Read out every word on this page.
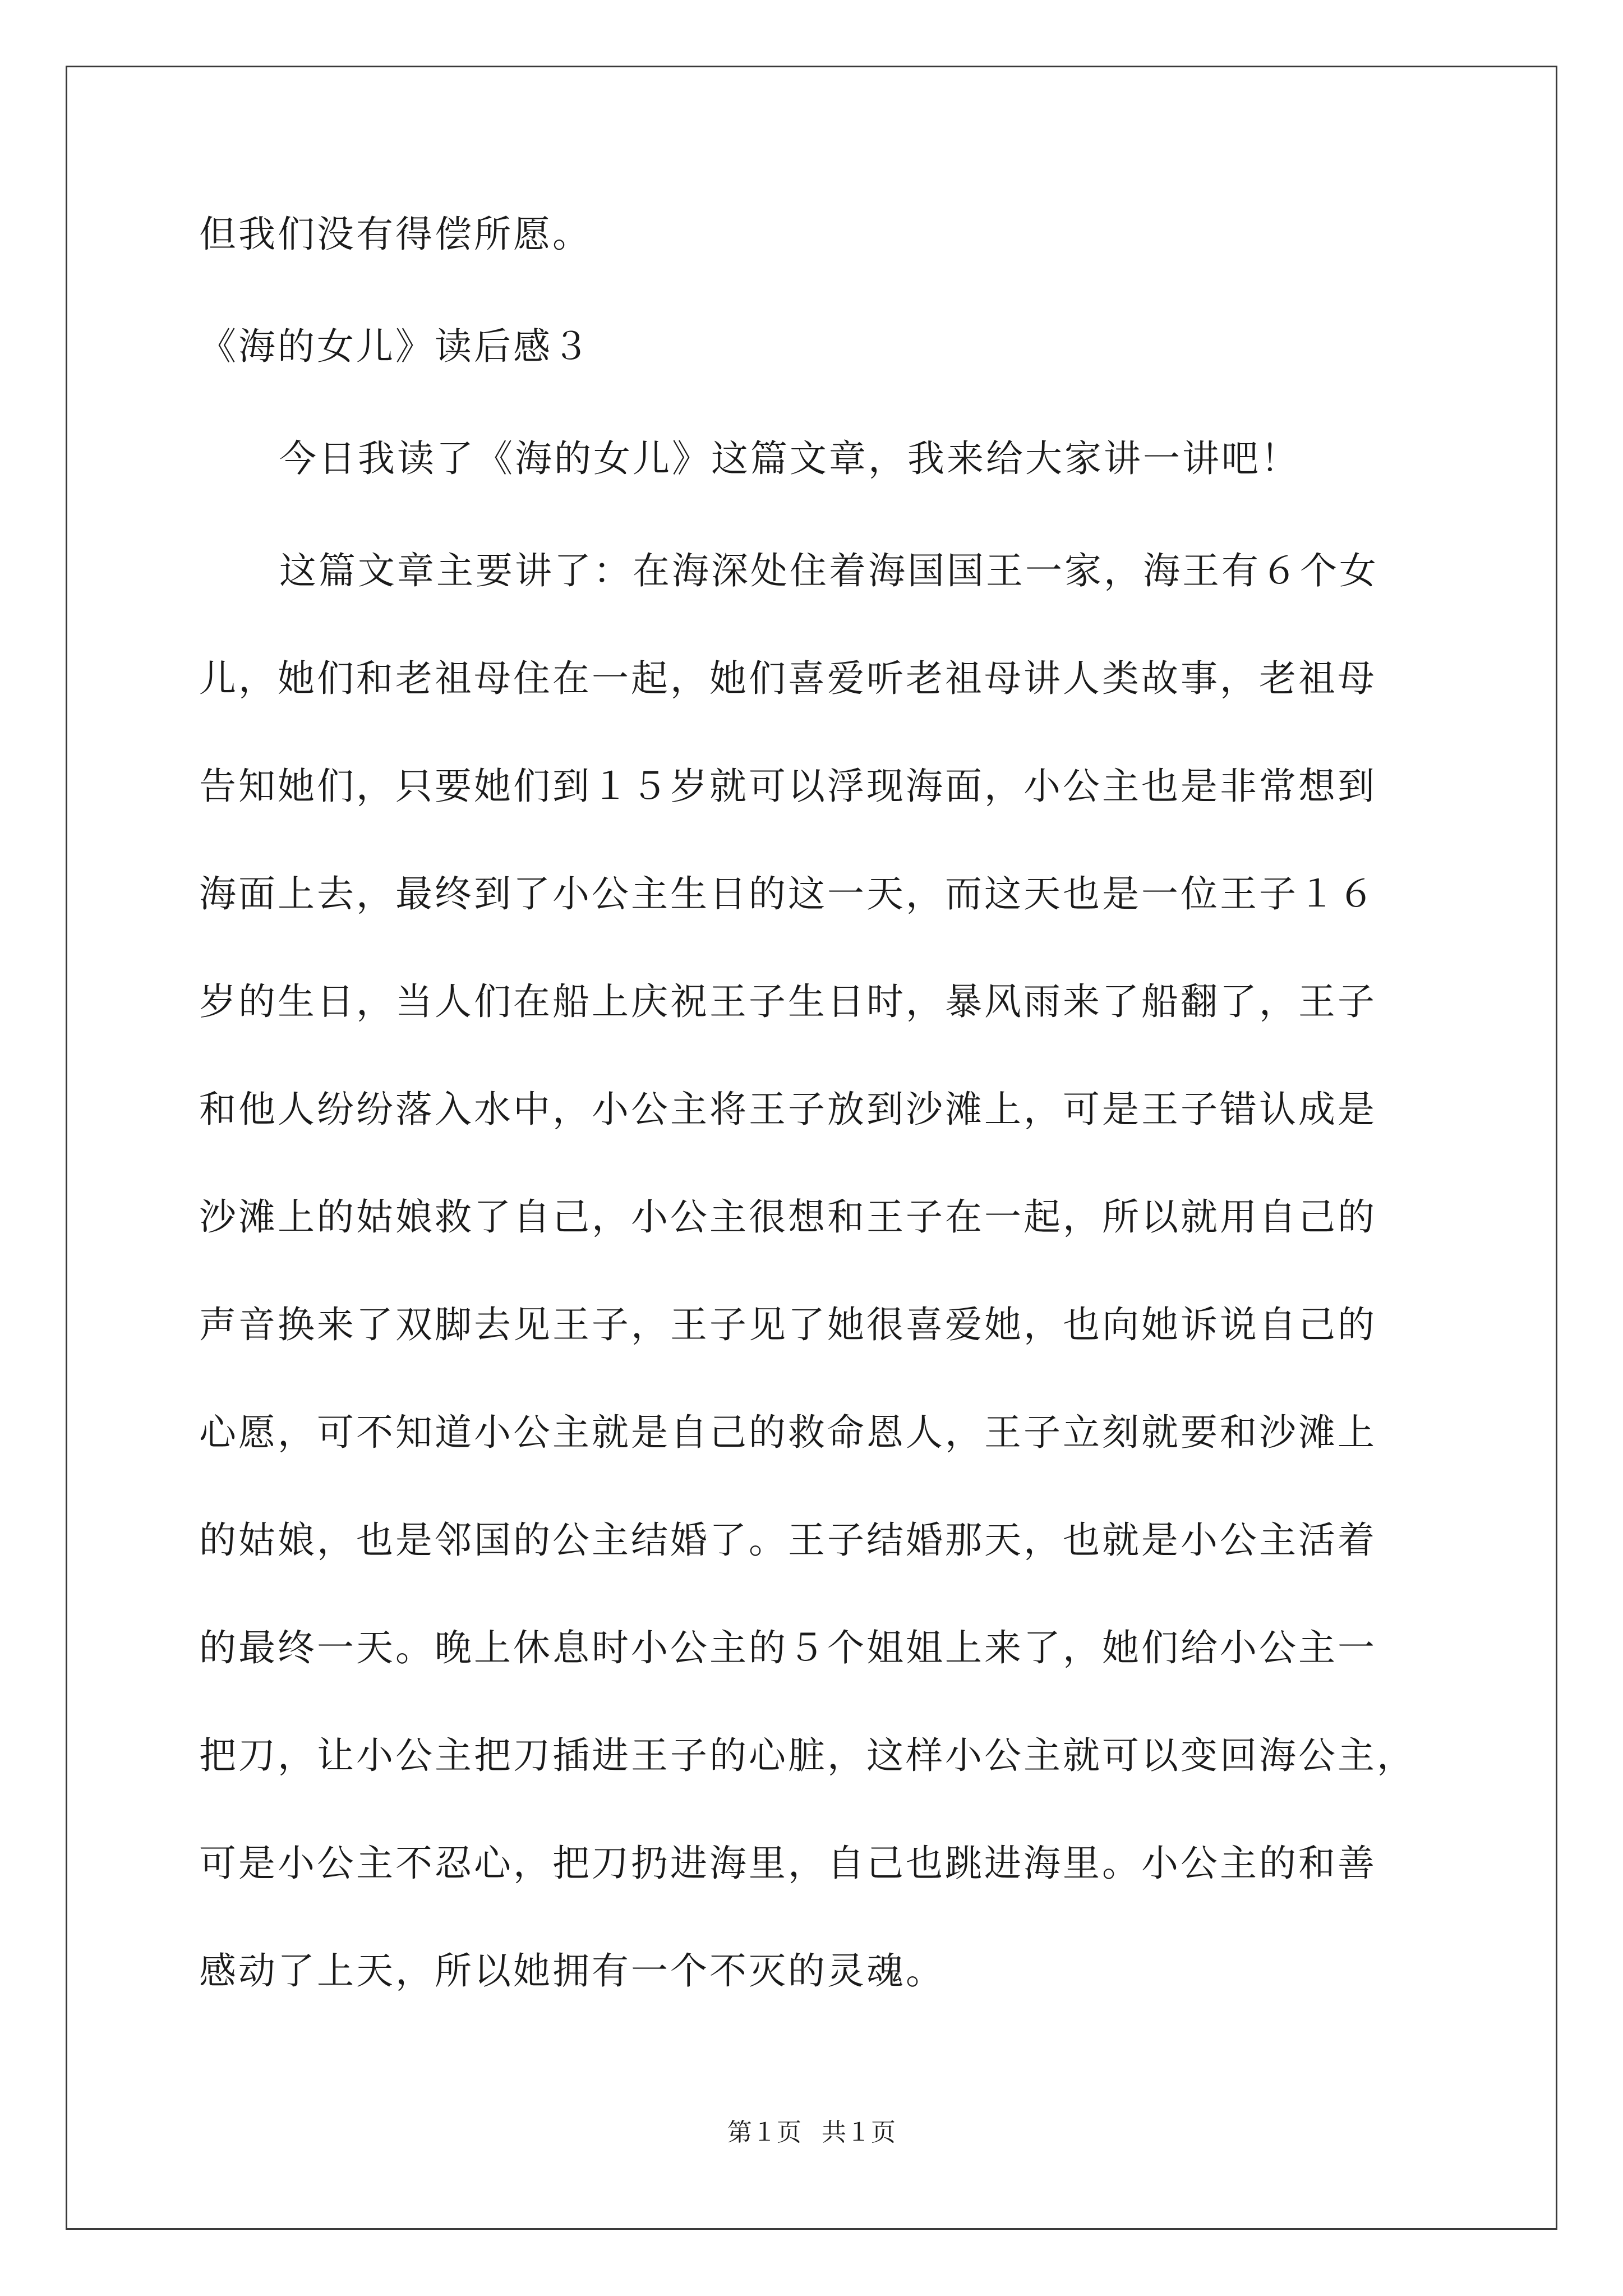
但我们没有得偿所愿。
《海的女儿》读后感３
今日我读了《海的女儿》这篇文章，我来给大家讲一讲吧！
这篇文章主要讲了：在海深处住着海国国王一家，海王有６个女
儿，她们和老祖母住在一起，她们喜爱听老祖母讲人类故事，老祖母
告知她们，只要她们到１５岁就可以浮现海面，小公主也是非常想到
海面上去，最终到了小公主生日的这一天，而这天也是一位王子１６
岁的生日，当人们在船上庆祝王子生日时，暴风雨来了船翻了，王子
和他人纷纷落入水中，小公主将王子放到沙滩上，可是王子错认成是
沙滩上的姑娘救了自己，小公主很想和王子在一起，所以就用自己的
声音换来了双脚去见王子，王子见了她很喜爱她，也向她诉说自己的
心愿，可不知道小公主就是自己的救命恩人，王子立刻就要和沙滩上
的姑娘，也是邻国的公主结婚了。王子结婚那天，也就是小公主活着
的最终一天。晚上休息时小公主的５个姐姐上来了，她们给小公主一
把刀，让小公主把刀插进王子的心脏，这样小公主就可以变回海公主，
可是小公主不忍心，把刀扔进海里，自己也跳进海里。小公主的和善
感动了上天，所以她拥有一个不灭的灵魂。
第１页 共１页
